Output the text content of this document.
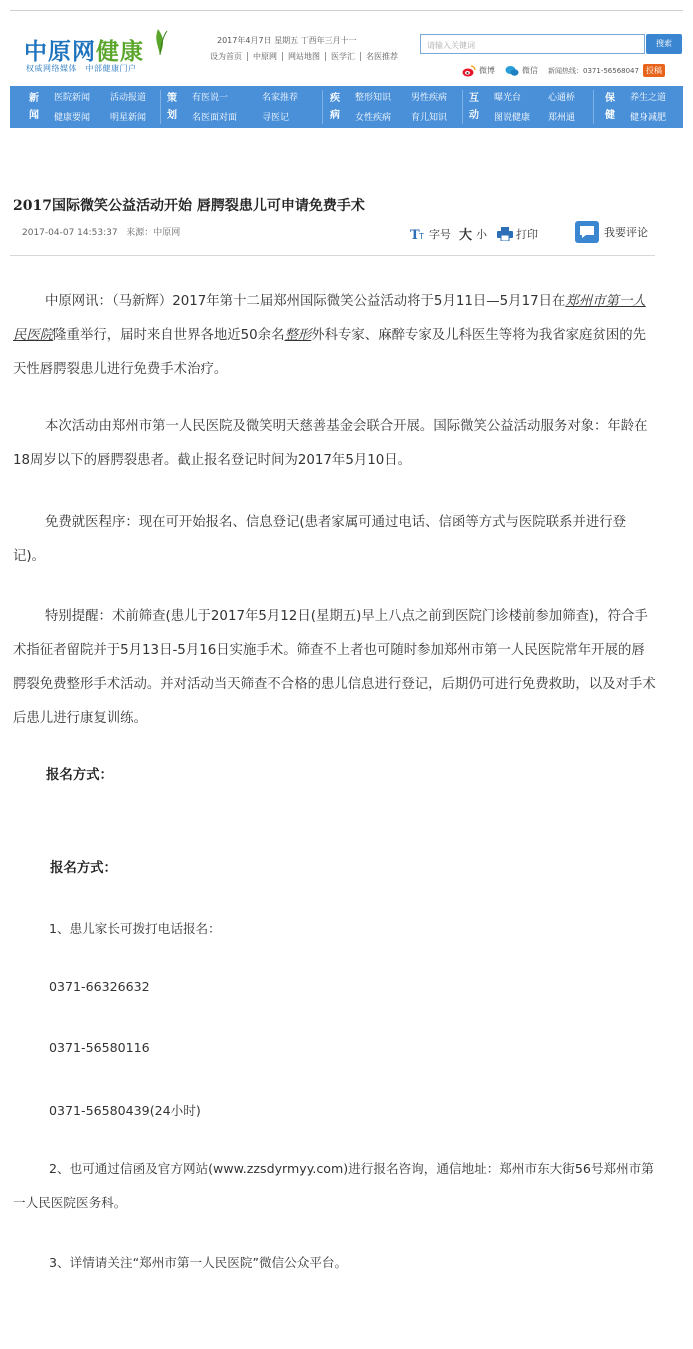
中原网健康
权威网络媒体　中部健康门户
2017年4月7日 星期五 丁酉年三月十一
设为首页	中原网	网站地图	医学汇	名医推荐
请输入关键词	搜索
微博	微信 新闻热线：0371-56568047 投稿
新
闻
医院新闻 活动报道
健康要闻 明星新闻
策
划
有医说一	名家推荐
名医面对面	寻医记
疾
病
整形知识 男性疾病
女性疾病 育儿知识
互
动
曝光台	心通桥
图说健康 郑州通
保
健
养生之道
健身减肥
2017国际微笑公益活动开始 唇腭裂患儿可申请免费手术
2017-04-07 14:53:37 来源：中原网	T T 字号 大 小	打印	我要评论
中原网讯：（马新辉）2017年第十二届郑州国际微笑公益活动将于5月11日—5月17日在郑州市第一人民医院隆重举行，届时来自世界各地近50余名整形外科专家、麻醉专家及儿科医生等将为我省家庭贫困的先天性唇腭裂患儿进行免费手术治疗。
本次活动由郑州市第一人民医院及微笑明天慈善基金会联合开展。国际微笑公益活动服务对象：年龄在18周岁以下的唇腭裂患者。截止报名登记时间为2017年5月10日。
免费就医程序：现在可开始报名、信息登记(患者家属可通过电话、信函等方式与医院联系并进行登记)。
特别提醒：术前筛查(患儿于2017年5月12日(星期五)早上八点之前到医院门诊楼前参加筛查)，符合手术指征者留院并于5月13日-5月16日实施手术。筛查不上者也可随时参加郑州市第一人民医院常年开展的唇腭裂免费整形手术活动。并对活动当天筛查不合格的患儿信息进行登记，后期仍可进行免费救助，以及对手术后患儿进行康复训练。
报名方式：
报名方式：
1、患儿家长可拨打电话报名：
0371-66326632
0371-56580116
0371-56580439(24小时)
2、也可通过信函及官方网站(www.zzsdyrmyy.com)进行报名咨询，通信地址：郑州市东大街56号郑州市第一人民医院医务科。
3、详情请关注“郑州市第一人民医院”微信公众平台。
